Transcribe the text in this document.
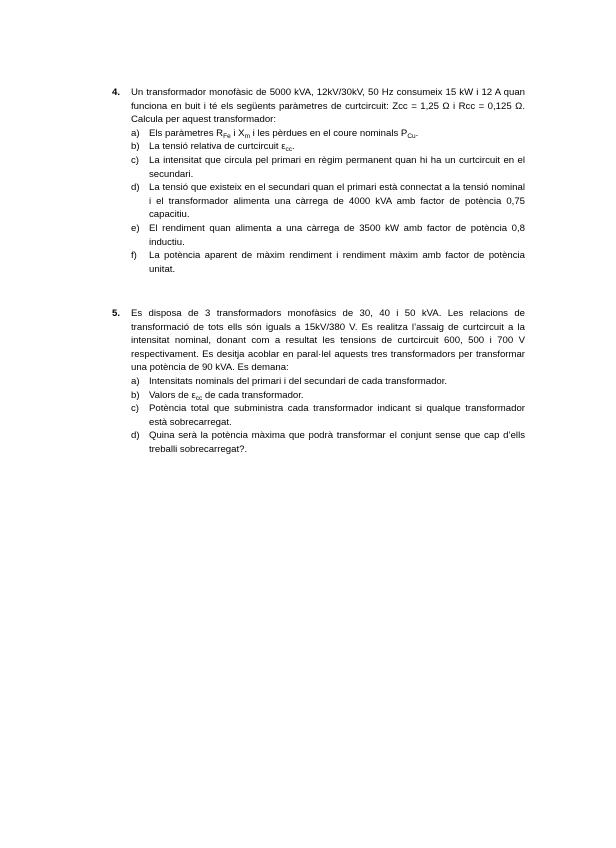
4. Un transformador monofàsic de 5000 kVA, 12kV/30kV, 50 Hz consumeix 15 kW i 12 A quan funciona en buit i té els següents paràmetres de curtcircuit: Zcc = 1,25 Ω i Rcc = 0,125 Ω. Calcula per aquest transformador:
a) Els paràmetres $R_{Fe}$ i $X_m$ i les pèrdues en el coure nominals $P_{Cu}$.
b) La tensió relativa de curtcircuit $\varepsilon_{cc}$.
c) La intensitat que circula pel primari en règim permanent quan hi ha un curtcircuit en el secundari.
d) La tensió que existeix en el secundari quan el primari està connectat a la tensió nominal i el transformador alimenta una càrrega de 4000 kVA amb factor de potència 0,75 capacitiu.
e) El rendiment quan alimenta a una càrrega de 3500 kW amb factor de potència 0,8 inductiu.
f) La potència aparent de màxim rendiment i rendiment màxim amb factor de potència unitat.
5. Es disposa de 3 transformadors monofàsics de 30, 40 i 50 kVA. Les relacions de transformació de tots ells són iguals a 15kV/380 V. Es realitza l’assaig de curtcircuit a la intensitat nominal, donant com a resultat les tensions de curtcircuit 600, 500 i 700 V respectivament. Es desitja acoblar en paral·lel aquests tres transformadors per transformar una potència de 90 kVA. Es demana:
a) Intensitats nominals del primari i del secundari de cada transformador.
b) Valors de $\varepsilon_{cc}$ de cada transformador.
c) Potència total que subministra cada transformador indicant si qualque transformador està sobrecarregat.
d) Quina serà la potència màxima que podrà transformar el conjunt sense que cap d’ells treballi sobrecarregat?.
